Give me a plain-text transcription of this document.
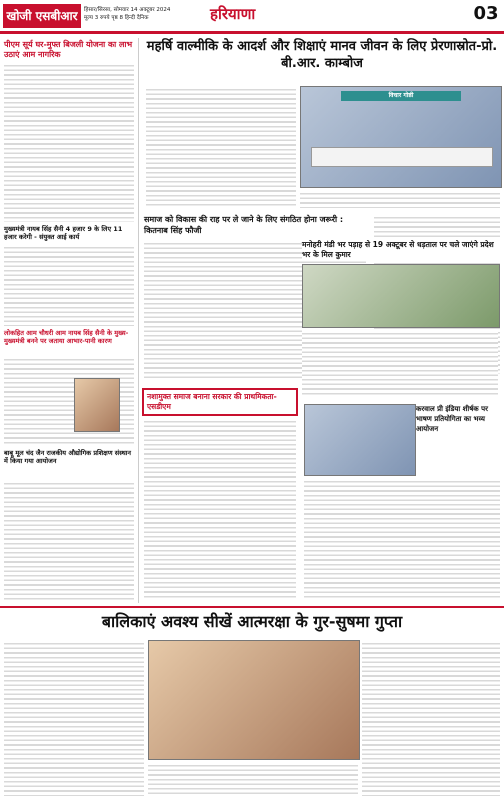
खोजी एसबीआर	हिसार/सिरसा, सोमवार 14 अक्टूबर 2024
मूल्य 3 रुपये पृष्ठ 8 हिन्दी दैनिक	हरियाणा	03
पीएम सूर्य घर-मुफ्त बिजली योजना का लाभ उठाएं आम नागरिक
मुख्यमंत्री नायब सिंह सैनी 4 हजार 9 के लिए 11 हजार करेगी - संयुक्त आई कार्य
लोकहित आम चौधरी आम नायब सिंह सैनी के मुख्य-मुख्यमंत्री बनने पर जताया आभार-पानी कारण
बाबू मूल चंद जैन राजकीय औद्योगिक प्रशिक्षण संस्थान में किया गया आयोजन
महर्षि वाल्मीकि के आदर्श और शिक्षाएं मानव जीवन के लिए प्रेरणास्रोत-प्रो. बी.आर. काम्बोज
विचार गोष्ठी
समाज को विकास की राह पर ले जाने के लिए संगठित होना जरूरी : कितनाब सिंह फौजी
मनोहरी मंडी भर पड़ाह से 19 अक्टूबर से धड़ताल पर चले जाएंगे प्रदेश भर के मिल कुमार
नशामुक्त समाज बनाना सरकार की प्राथमिकता-एसडीएम	करवाल प्री इंडिया शीर्षक पर भाषण प्रतियोगिता का भव्य आयोजन
बालिकाएं अवश्य सीखें आत्मरक्षा के गुर-सुषमा गुप्ता
